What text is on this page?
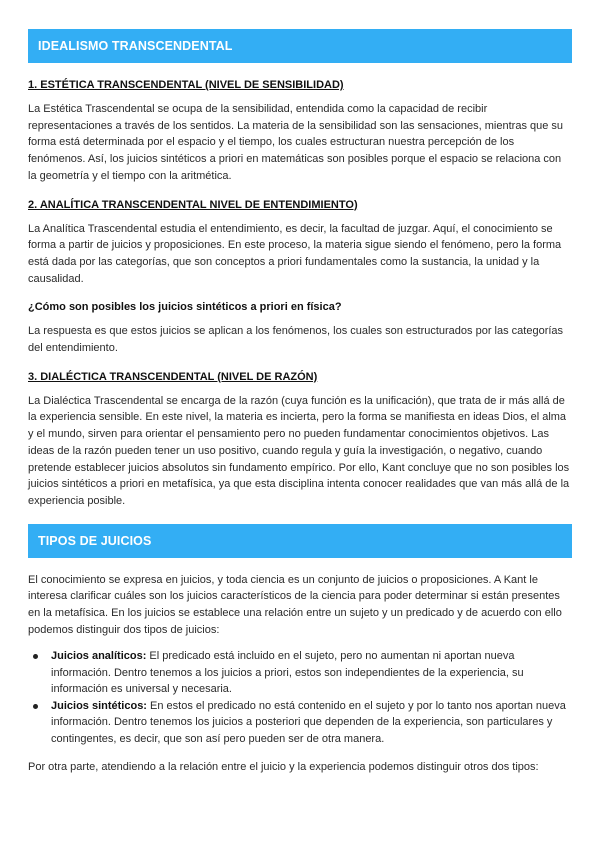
IDEALISMO TRANSCENDENTAL

1. ESTÉTICA TRANSCENDENTAL (NIVEL DE SENSIBILIDAD)

La Estética Trascendental se ocupa de la sensibilidad, entendida como la capacidad de recibir representaciones a través de los sentidos. La materia de la sensibilidad son las sensaciones, mientras que su forma está determinada por el espacio y el tiempo, los cuales estructuran nuestra percepción de los fenómenos. Así, los juicios sintéticos a priori en matemáticas son posibles porque el espacio se relaciona con la geometría y el tiempo con la aritmética.

2. ANALÍTICA TRANSCENDENTAL NIVEL DE ENTENDIMIENTO)

La Analítica Trascendental estudia el entendimiento, es decir, la facultad de juzgar. Aquí, el conocimiento se forma a partir de juicios y proposiciones. En este proceso, la materia sigue siendo el fenómeno, pero la forma está dada por las categorías, que son conceptos a priori fundamentales como la sustancia, la unidad y la causalidad.

¿Cómo son posibles los juicios sintéticos a priori en física?

La respuesta es que estos juicios se aplican a los fenómenos, los cuales son estructurados por las categorías del entendimiento.

3. DIALÉCTICA TRANSCENDENTAL (NIVEL DE RAZÓN)

La Dialéctica Trascendental se encarga de la razón (cuya función es la unificación), que trata de ir más allá de la experiencia sensible. En este nivel, la materia es incierta, pero la forma se manifiesta en ideas Dios, el alma y el mundo, sirven para orientar el pensamiento pero no pueden fundamentar conocimientos objetivos. Las ideas de la razón pueden tener un uso positivo, cuando regula y guía la investigación, o negativo, cuando pretende establecer juicios absolutos sin fundamento empírico. Por ello, Kant concluye que no son posibles los juicios sintéticos a priori en metafísica, ya que esta disciplina intenta conocer realidades que van más allá de la experiencia posible.

TIPOS DE JUICIOS

El conocimiento se expresa en juicios, y toda ciencia es un conjunto de juicios o proposiciones. A Kant le interesa clarificar cuáles son los juicios característicos de la ciencia para poder determinar si están presentes en la metafísica. En los juicios se establece una relación entre un sujeto y un predicado y de acuerdo con ello podemos distinguir dos tipos de juicios:

Juicios analíticos: El predicado está incluido en el sujeto, pero no aumentan ni aportan nueva información. Dentro tenemos a los juicios a priori, estos son independientes de la experiencia, su información es universal y necesaria.
Juicios sintéticos: En estos el predicado no está contenido en el sujeto y por lo tanto nos aportan nueva información. Dentro tenemos los juicios a posteriori que dependen de la experiencia, son particulares y contingentes, es decir, que son así pero pueden ser de otra manera.

Por otra parte, atendiendo a la relación entre el juicio y la experiencia podemos distinguir otros dos tipos:
